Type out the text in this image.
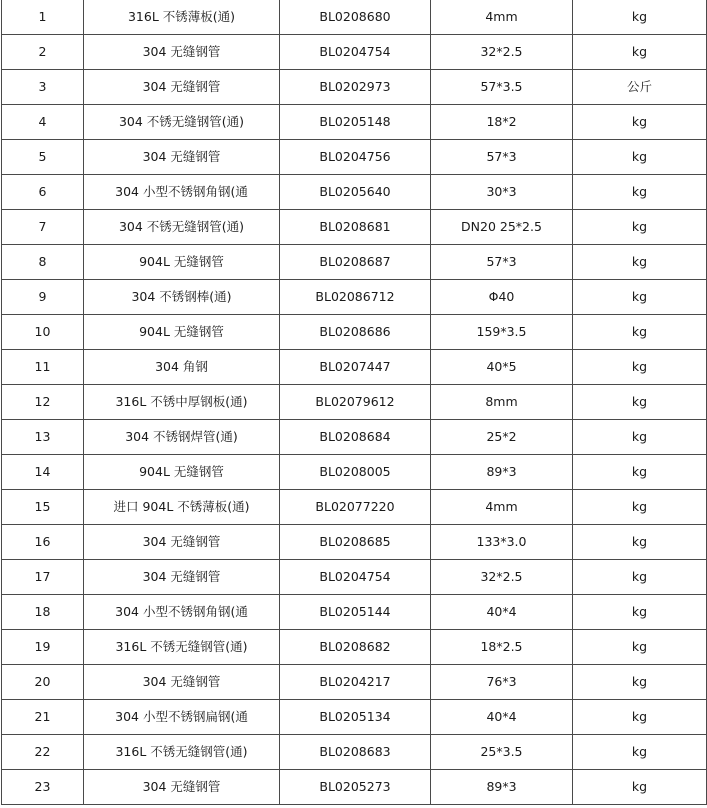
1	316L 不锈薄板(通)	BL0208680	4mm	kg
2	304 无缝钢管	BL0204754	32*2.5	kg
3	304 无缝钢管	BL0202973	57*3.5	公斤
4	304 不锈无缝钢管(通)	BL0205148	18*2	kg
5	304 无缝钢管	BL0204756	57*3	kg
6	304 小型不锈钢角钢(通	BL0205640	30*3	kg
7	304 不锈无缝钢管(通)	BL0208681	DN20 25*2.5	kg
8	904L 无缝钢管	BL0208687	57*3	kg
9	304 不锈钢棒(通)	BL02086712	Φ40	kg
10	904L 无缝钢管	BL0208686	159*3.5	kg
11	304 角钢	BL0207447	40*5	kg
12	316L 不锈中厚钢板(通)	BL02079612	8mm	kg
13	304 不锈钢焊管(通)	BL0208684	25*2	kg
14	904L 无缝钢管	BL0208005	89*3	kg
15	进口 904L 不锈薄板(通)	BL02077220	4mm	kg
16	304 无缝钢管	BL0208685	133*3.0	kg
17	304 无缝钢管	BL0204754	32*2.5	kg
18	304 小型不锈钢角钢(通	BL0205144	40*4	kg
19	316L 不锈无缝钢管(通)	BL0208682	18*2.5	kg
20	304 无缝钢管	BL0204217	76*3	kg
21	304 小型不锈钢扁钢(通	BL0205134	40*4	kg
22	316L 不锈无缝钢管(通)	BL0208683	25*3.5	kg
23	304 无缝钢管	BL0205273	89*3	kg
